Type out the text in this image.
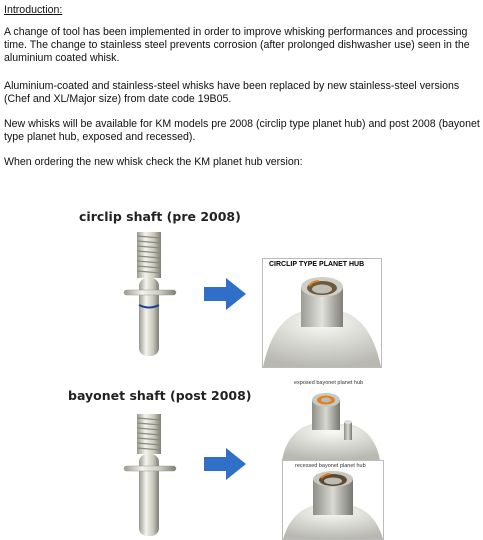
Introduction:
A change of tool has been implemented in order to improve whisking performances and processing time. The change to stainless steel prevents corrosion (after prolonged dishwasher use) seen in the aluminium coated whisk.
Aluminium-coated and stainless-steel whisks have been replaced by new stainless-steel versions (Chef and XL/Major size) from date code 19B05.
New whisks will be available for KM models pre 2008 (circlip type planet hub) and post 2008 (bayonet type planet hub, exposed and recessed).
When ordering the new whisk check the KM planet hub version:
circlip shaft (pre 2008)
CIRCLIP TYPE PLANET HUB
bayonet shaft (post 2008)
exposed bayonet planet hub
recessed bayonet planet hub
